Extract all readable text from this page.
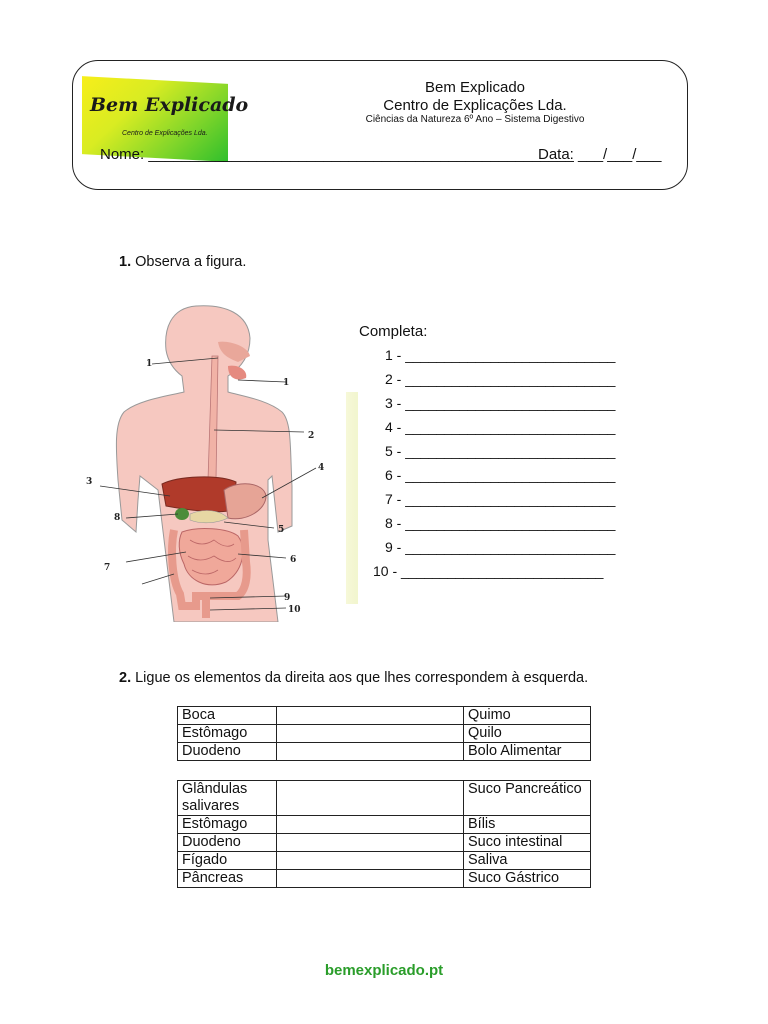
Bem Explicado
Centro de Explicações Lda.
Bem Explicado
Centro de Explicações Lda.
Ciências da Natureza 6º Ano – Sistema Digestivo
Nome: ___________________________________________________
Data: ___/___/___
1. Observa a figura.
1
1
2
3
4
5
6
7
8
9
10
Completa:
1 - ___________________________
2 - ___________________________
3 - ___________________________
4 - ___________________________
5 - ___________________________
6 - ___________________________
7 - ___________________________
8 - ___________________________
9 - ___________________________
10 - __________________________
2. Ligue os elementos da direita aos que lhes correspondem à esquerda.
Boca		Quimo
Estômago		Quilo
Duodeno		Bolo Alimentar
Glândulas salivares		Suco Pancreático
Estômago		Bílis
Duodeno		Suco intestinal
Fígado		Saliva
Pâncreas		Suco Gástrico
bemexplicado.pt
